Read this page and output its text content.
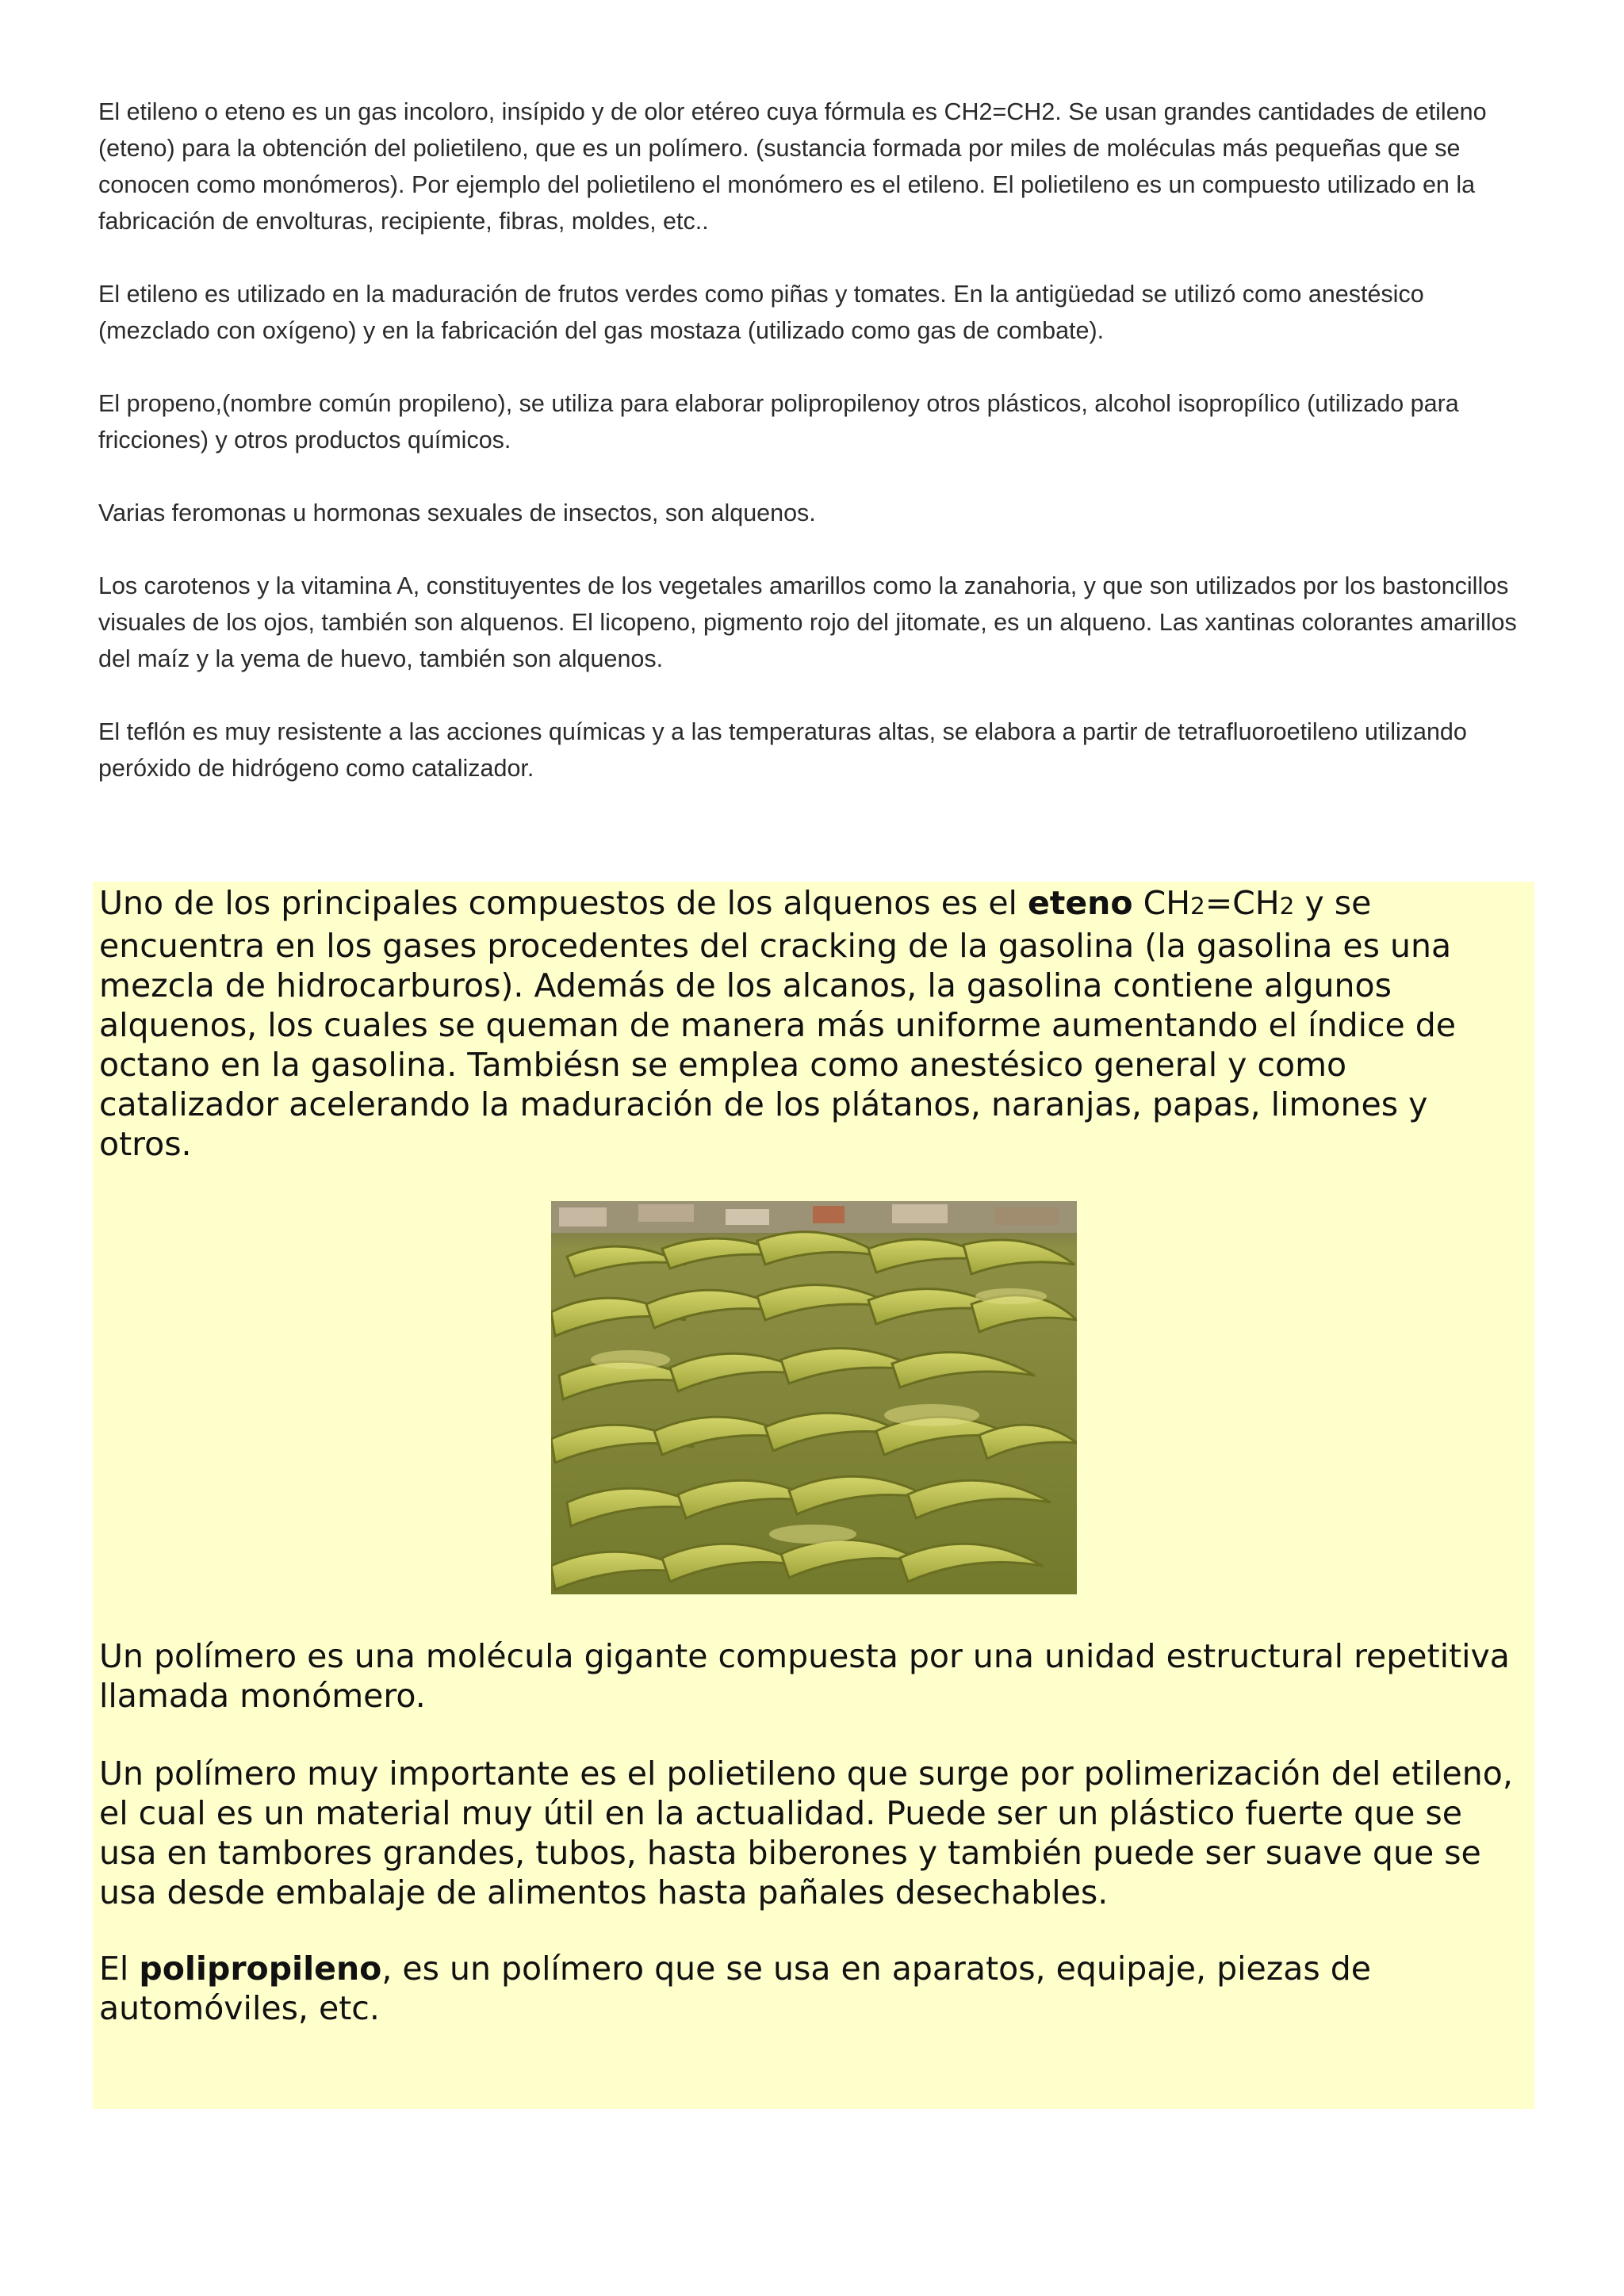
El etileno o eteno es un gas incoloro, insípido y de olor etéreo cuya fórmula es CH2=CH2. Se usan grandes cantidades de etileno (eteno) para la obtención del polietileno, que es un polímero. (sustancia formada por miles de moléculas más pequeñas que se conocen como monómeros). Por ejemplo del polietileno el monómero es el etileno. El polietileno es un compuesto utilizado en la fabricación de envolturas, recipiente, fibras, moldes, etc..

El etileno es utilizado en la maduración de frutos verdes como piñas y tomates. En la antigüedad se utilizó como anestésico (mezclado con oxígeno) y en la fabricación del gas mostaza (utilizado como gas de combate).

El propeno,(nombre común propileno), se utiliza para elaborar polipropilenoy otros plásticos, alcohol isopropílico (utilizado para fricciones) y otros productos químicos.

Varias feromonas u hormonas sexuales de insectos, son alquenos.

Los carotenos y la vitamina A, constituyentes de los vegetales amarillos como la zanahoria, y que son utilizados por los bastoncillos visuales de los ojos, también son alquenos. El licopeno, pigmento rojo del jitomate, es un alqueno. Las xantinas colorantes amarillos del maíz y la yema de huevo, también son alquenos.

El teflón es muy resistente a las acciones químicas y a las temperaturas altas, se elabora a partir de tetrafluoroetileno utilizando peróxido de hidrógeno como catalizador.

Uno de los principales compuestos de los alquenos es el eteno CH2=CH2 y se encuentra en los gases procedentes del cracking de la gasolina (la gasolina es una mezcla de hidrocarburos). Además de los alcanos, la gasolina contiene algunos alquenos, los cuales se queman de manera más uniforme aumentando el índice de octano en la gasolina. Tambiésn se emplea como anestésico general y como catalizador acelerando la maduración de los plátanos, naranjas, papas, limones y otros.

Un polímero es una molécula gigante compuesta por una unidad estructural repetitiva llamada monómero.

Un polímero muy importante es el polietileno que surge por polimerización del etileno, el cual es un material muy útil en la actualidad. Puede ser un plástico fuerte que se usa en tambores grandes, tubos, hasta biberones y también puede ser suave que se usa desde embalaje de alimentos hasta pañales desechables.

El polipropileno, es un polímero que se usa en aparatos, equipaje, piezas de automóviles, etc.
